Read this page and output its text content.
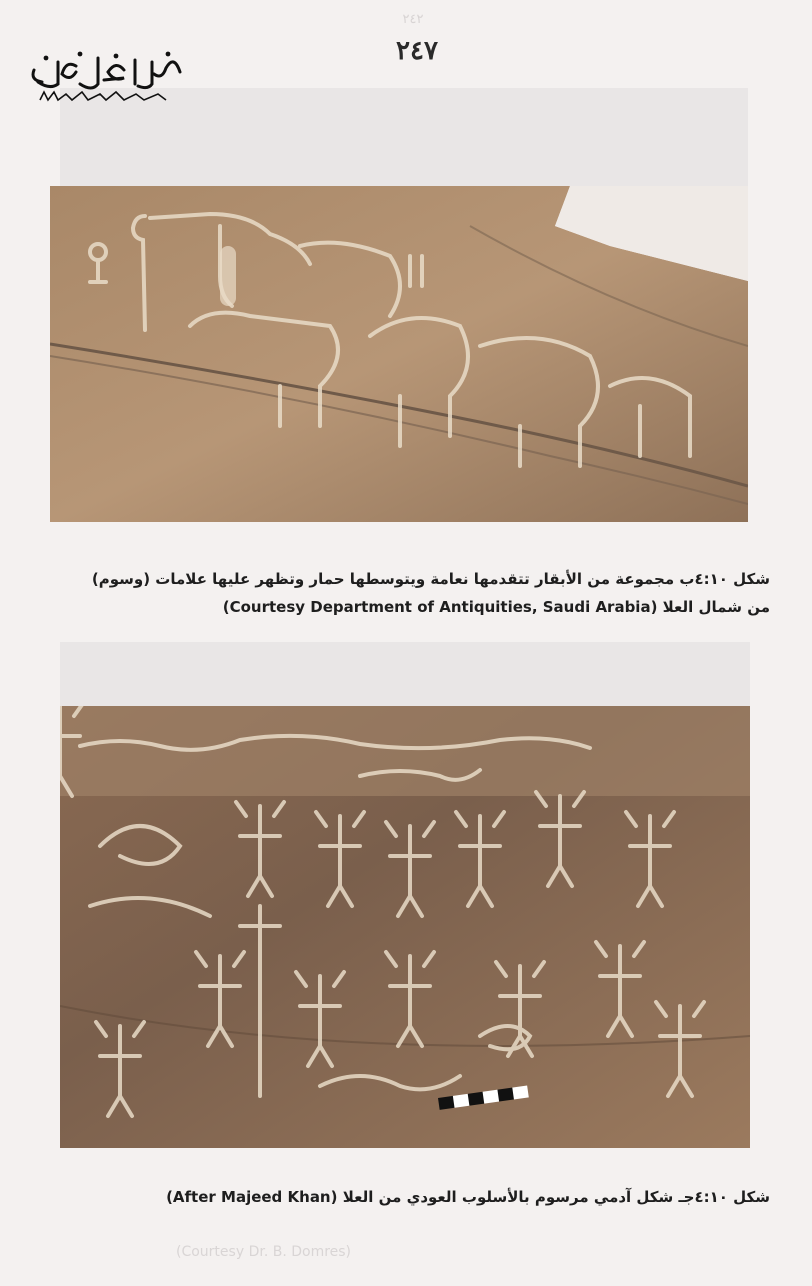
٢٤٢
٢٤٧
شكل ٤:١٠ب مجموعة من الأبقار تتقدمها نعامة ويتوسطها حمار وتظهر عليها علامات (وسوم)
من شمال العلا (Courtesy Department of Antiquities, Saudi Arabia)
شكل ٤:١٠جـ شكل آدمي مرسوم بالأسلوب العودي من العلا (After Majeed Khan)
(Courtesy Dr. B. Domres)
